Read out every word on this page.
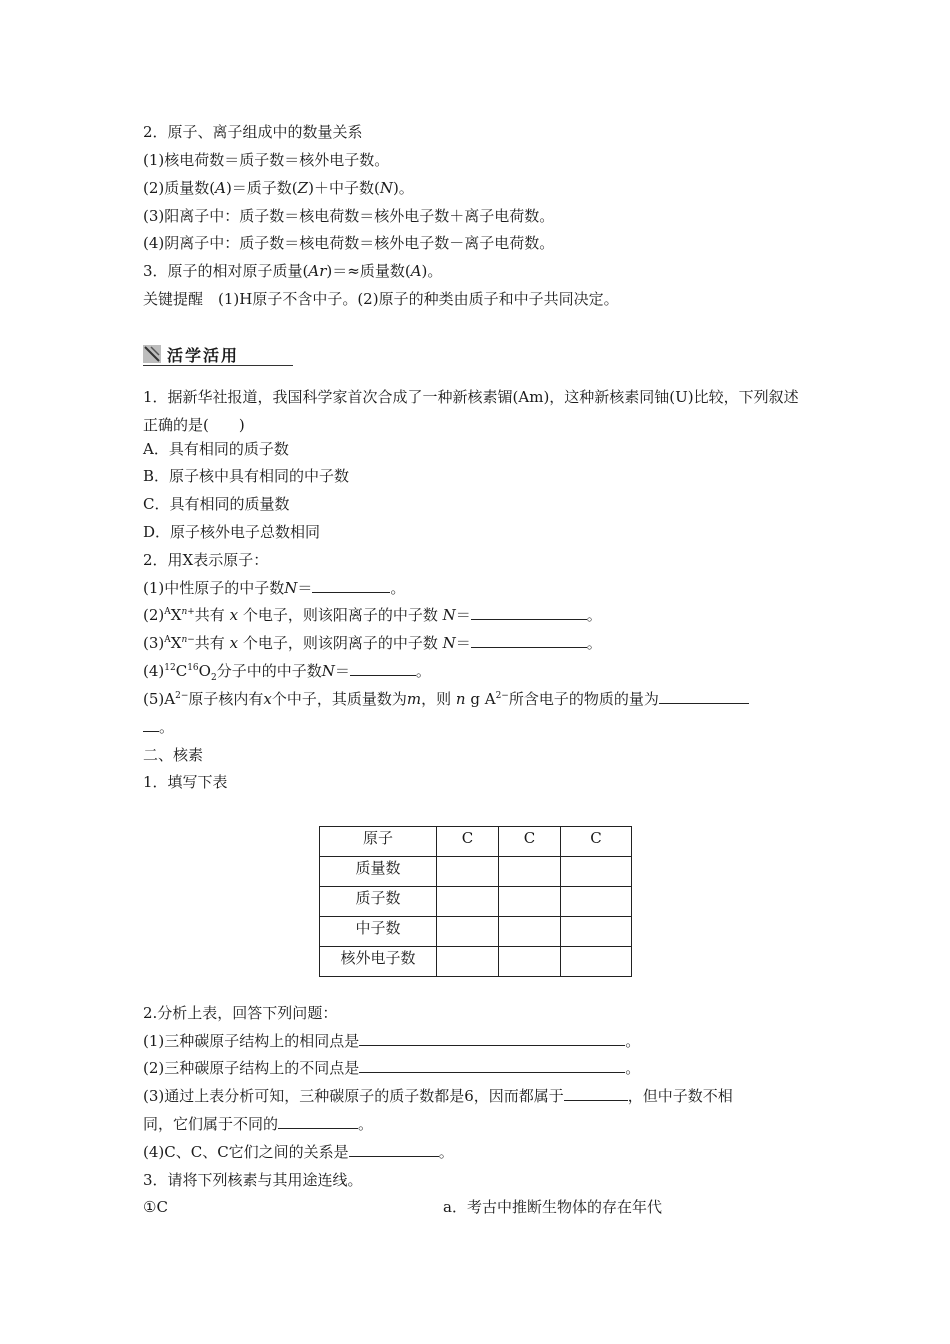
2．原子、离子组成中的数量关系
(1)核电荷数＝质子数＝核外电子数。
(2)质量数(A)＝质子数(Z)＋中子数(N)。
(3)阳离子中：质子数＝核电荷数＝核外电子数＋离子电荷数。
(4)阴离子中：质子数＝核电荷数＝核外电子数－离子电荷数。
3．原子的相对原子质量(Ar)＝≈质量数(A)。
关键提醒　(1)H原子不含中子。(2)原子的种类由质子和中子共同决定。
活学活用
1．据新华社报道，我国科学家首次合成了一种新核素镅(Am)，这种新核素同铀(U)比较，下列叙述正确的是(　　)
A．具有相同的质子数
B．原子核中具有相同的中子数
C．具有相同的质量数
D．原子核外电子总数相同
2．用X表示原子：
(1)中性原子的中子数N＝	。
$(2)^AX^{n+}$共有 x 个电子，则该阳离子的中子数 N＝	。
$(3)^AX^{n-}$共有 x 个电子，则该阴离子的中子数 N＝	。
$(4)^{12}C^{16}O_2$分子中的中子数N＝	。
$(5)A^{2-}$原子核内有x个中子，其质量数为m，则 n g $A^{2-}$所含电子的物质的量为
。
二、核素
1．填写下表
原子	C	C	C
质量数			
质子数			
中子数			
核外电子数			
2.分析上表，回答下列问题：
(1)三种碳原子结构上的相同点是	。
(2)三种碳原子结构上的不同点是	。
(3)通过上表分析可知，三种碳原子的质子数都是6，因而都属于	，但中子数不相
同，它们属于不同的	。
(4)C、C、C它们之间的关系是	。
3．请将下列核素与其用途连线。
①C	a．考古中推断生物体的存在年代
